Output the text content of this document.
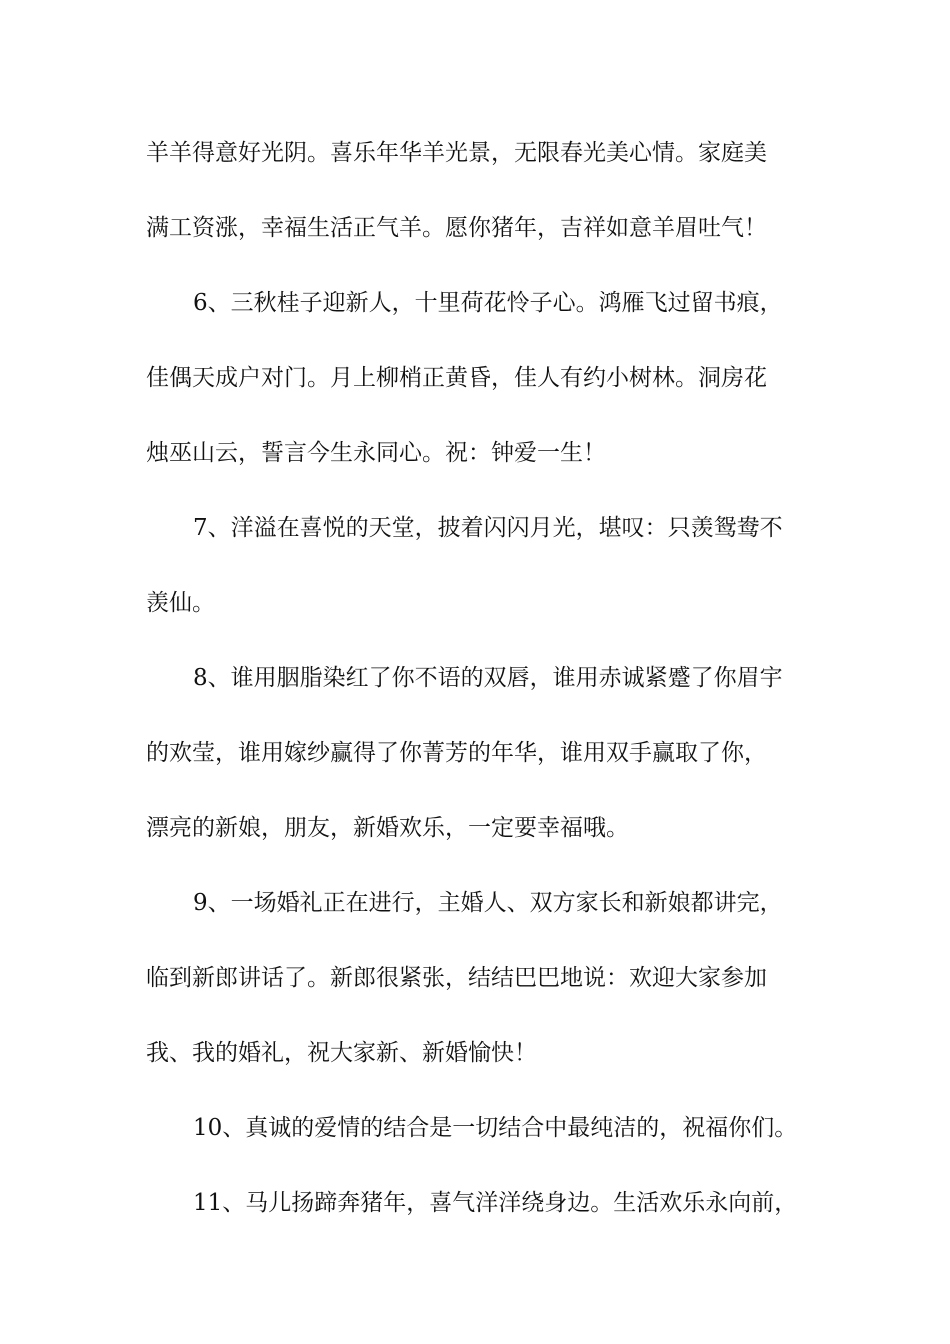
羊羊得意好光阴。喜乐年华羊光景，无限春光美心情。家庭美
满工资涨，幸福生活正气羊。愿你猪年，吉祥如意羊眉吐气！
6、三秋桂子迎新人，十里荷花怜子心。鸿雁飞过留书痕，
佳偶天成户对门。月上柳梢正黄昏，佳人有约小树林。洞房花
烛巫山云，誓言今生永同心。祝：钟爱一生！
7、洋溢在喜悦的天堂，披着闪闪月光，堪叹：只羡鸳鸯不
羡仙。
8、谁用胭脂染红了你不语的双唇，谁用赤诚紧蹙了你眉宇
的欢莹，谁用嫁纱赢得了你菁芳的年华，谁用双手赢取了你，
漂亮的新娘，朋友，新婚欢乐，一定要幸福哦。
9、一场婚礼正在进行，主婚人、双方家长和新娘都讲完，
临到新郎讲话了。新郎很紧张，结结巴巴地说：欢迎大家参加
我、我的婚礼，祝大家新、新婚愉快！
10、真诚的爱情的结合是一切结合中最纯洁的，祝福你们。
11、马儿扬蹄奔猪年，喜气洋洋绕身边。生活欢乐永向前，
